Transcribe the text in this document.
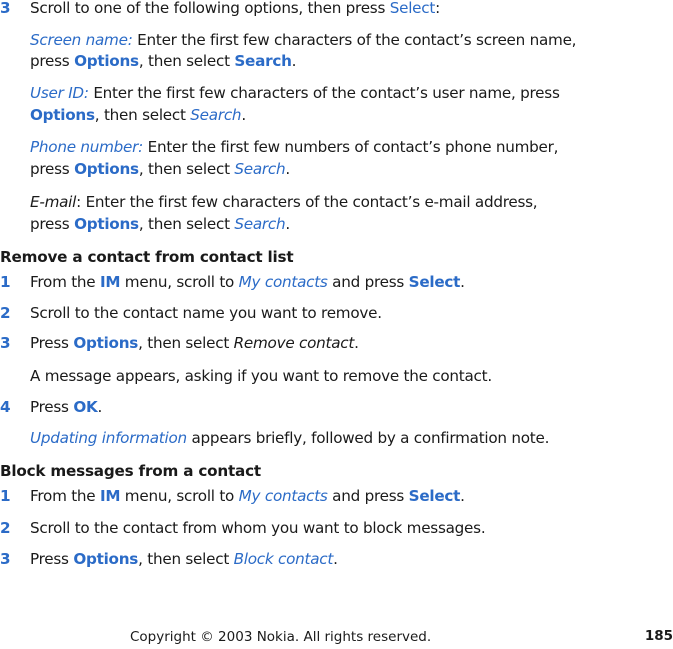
3 Scroll to one of the following options, then press Select:
Screen name: Enter the first few characters of the contact’s screen name,
press Options, then select Search.
User ID: Enter the first few characters of the contact’s user name, press
Options, then select Search.
Phone number: Enter the first few numbers of contact’s phone number,
press Options, then select Search.
E-mail: Enter the first few characters of the contact’s e-mail address,
press Options, then select Search.
Remove a contact from contact list
1 From the IM menu, scroll to My contacts and press Select.
2 Scroll to the contact name you want to remove.
3 Press Options, then select Remove contact.
A message appears, asking if you want to remove the contact.
4 Press OK.
Updating information appears briefly, followed by a confirmation note.
Block messages from a contact
1 From the IM menu, scroll to My contacts and press Select.
2 Scroll to the contact from whom you want to block messages.
3 Press Options, then select Block contact.
Copyright © 2003 Nokia. All rights reserved.	185
